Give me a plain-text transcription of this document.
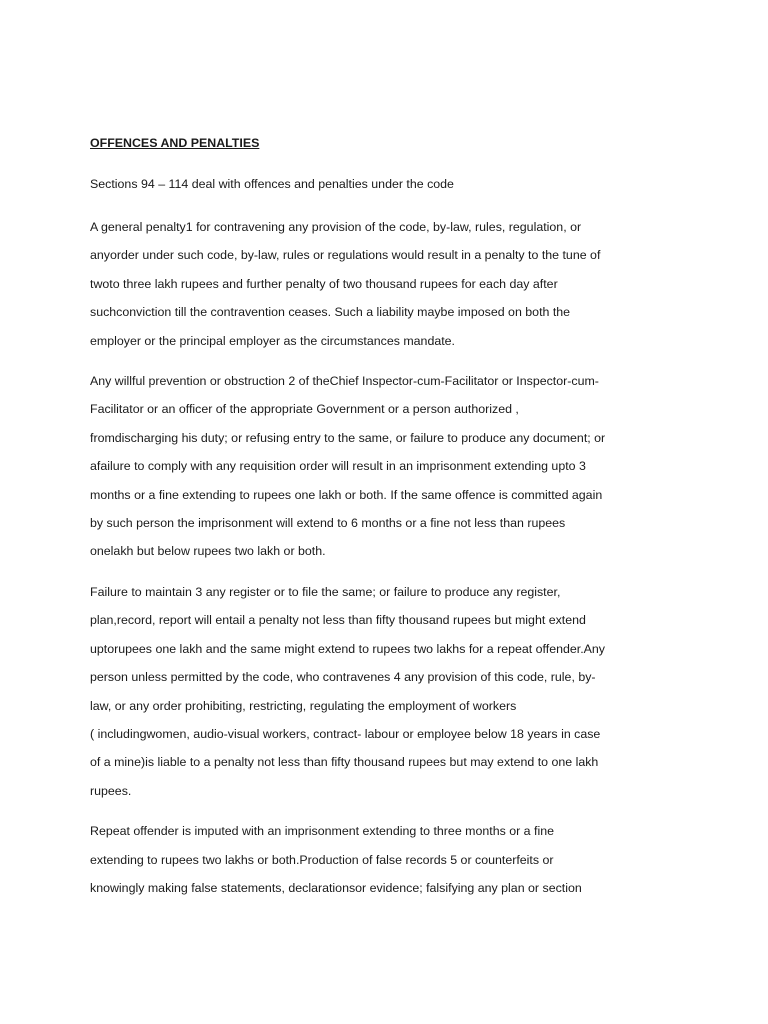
OFFENCES AND PENALTIES
Sections 94 – 114 deal with offences and penalties under the code
A general penalty1 for contravening any provision of the code, by-law, rules, regulation, or
anyorder under such code, by-law, rules or regulations would result in a penalty to the tune of
twoto three lakh rupees and further penalty of two thousand rupees for each day after
suchconviction till the contravention ceases. Such a liability maybe imposed on both the
employer or the principal employer as the circumstances mandate.
Any willful prevention or obstruction 2 of theChief Inspector-cum-Facilitator or Inspector-cum-
Facilitator or an officer of the appropriate Government or a person authorized ,
fromdischarging his duty; or refusing entry to the same, or failure to produce any document; or
afailure to comply with any requisition order will result in an imprisonment extending upto 3
months or a fine extending to rupees one lakh or both. If the same offence is committed again
by such person the imprisonment will extend to 6 months or a fine not less than rupees
onelakh but below rupees two lakh or both.
Failure to maintain 3 any register or to file the same; or failure to produce any register,
plan,record, report will entail a penalty not less than fifty thousand rupees but might extend
uptorupees one lakh and the same might extend to rupees two lakhs for a repeat offender.Any
person unless permitted by the code, who contravenes 4 any provision of this code, rule, by-
law, or any order prohibiting, restricting, regulating the employment of workers
( includingwomen, audio-visual workers, contract- labour or employee below 18 years in case
of a mine)is liable to a penalty not less than fifty thousand rupees but may extend to one lakh
rupees.
Repeat offender is imputed with an imprisonment extending to three months or a fine
extending to rupees two lakhs or both.Production of false records 5 or counterfeits or
knowingly making false statements, declarationsor evidence; falsifying any plan or section
